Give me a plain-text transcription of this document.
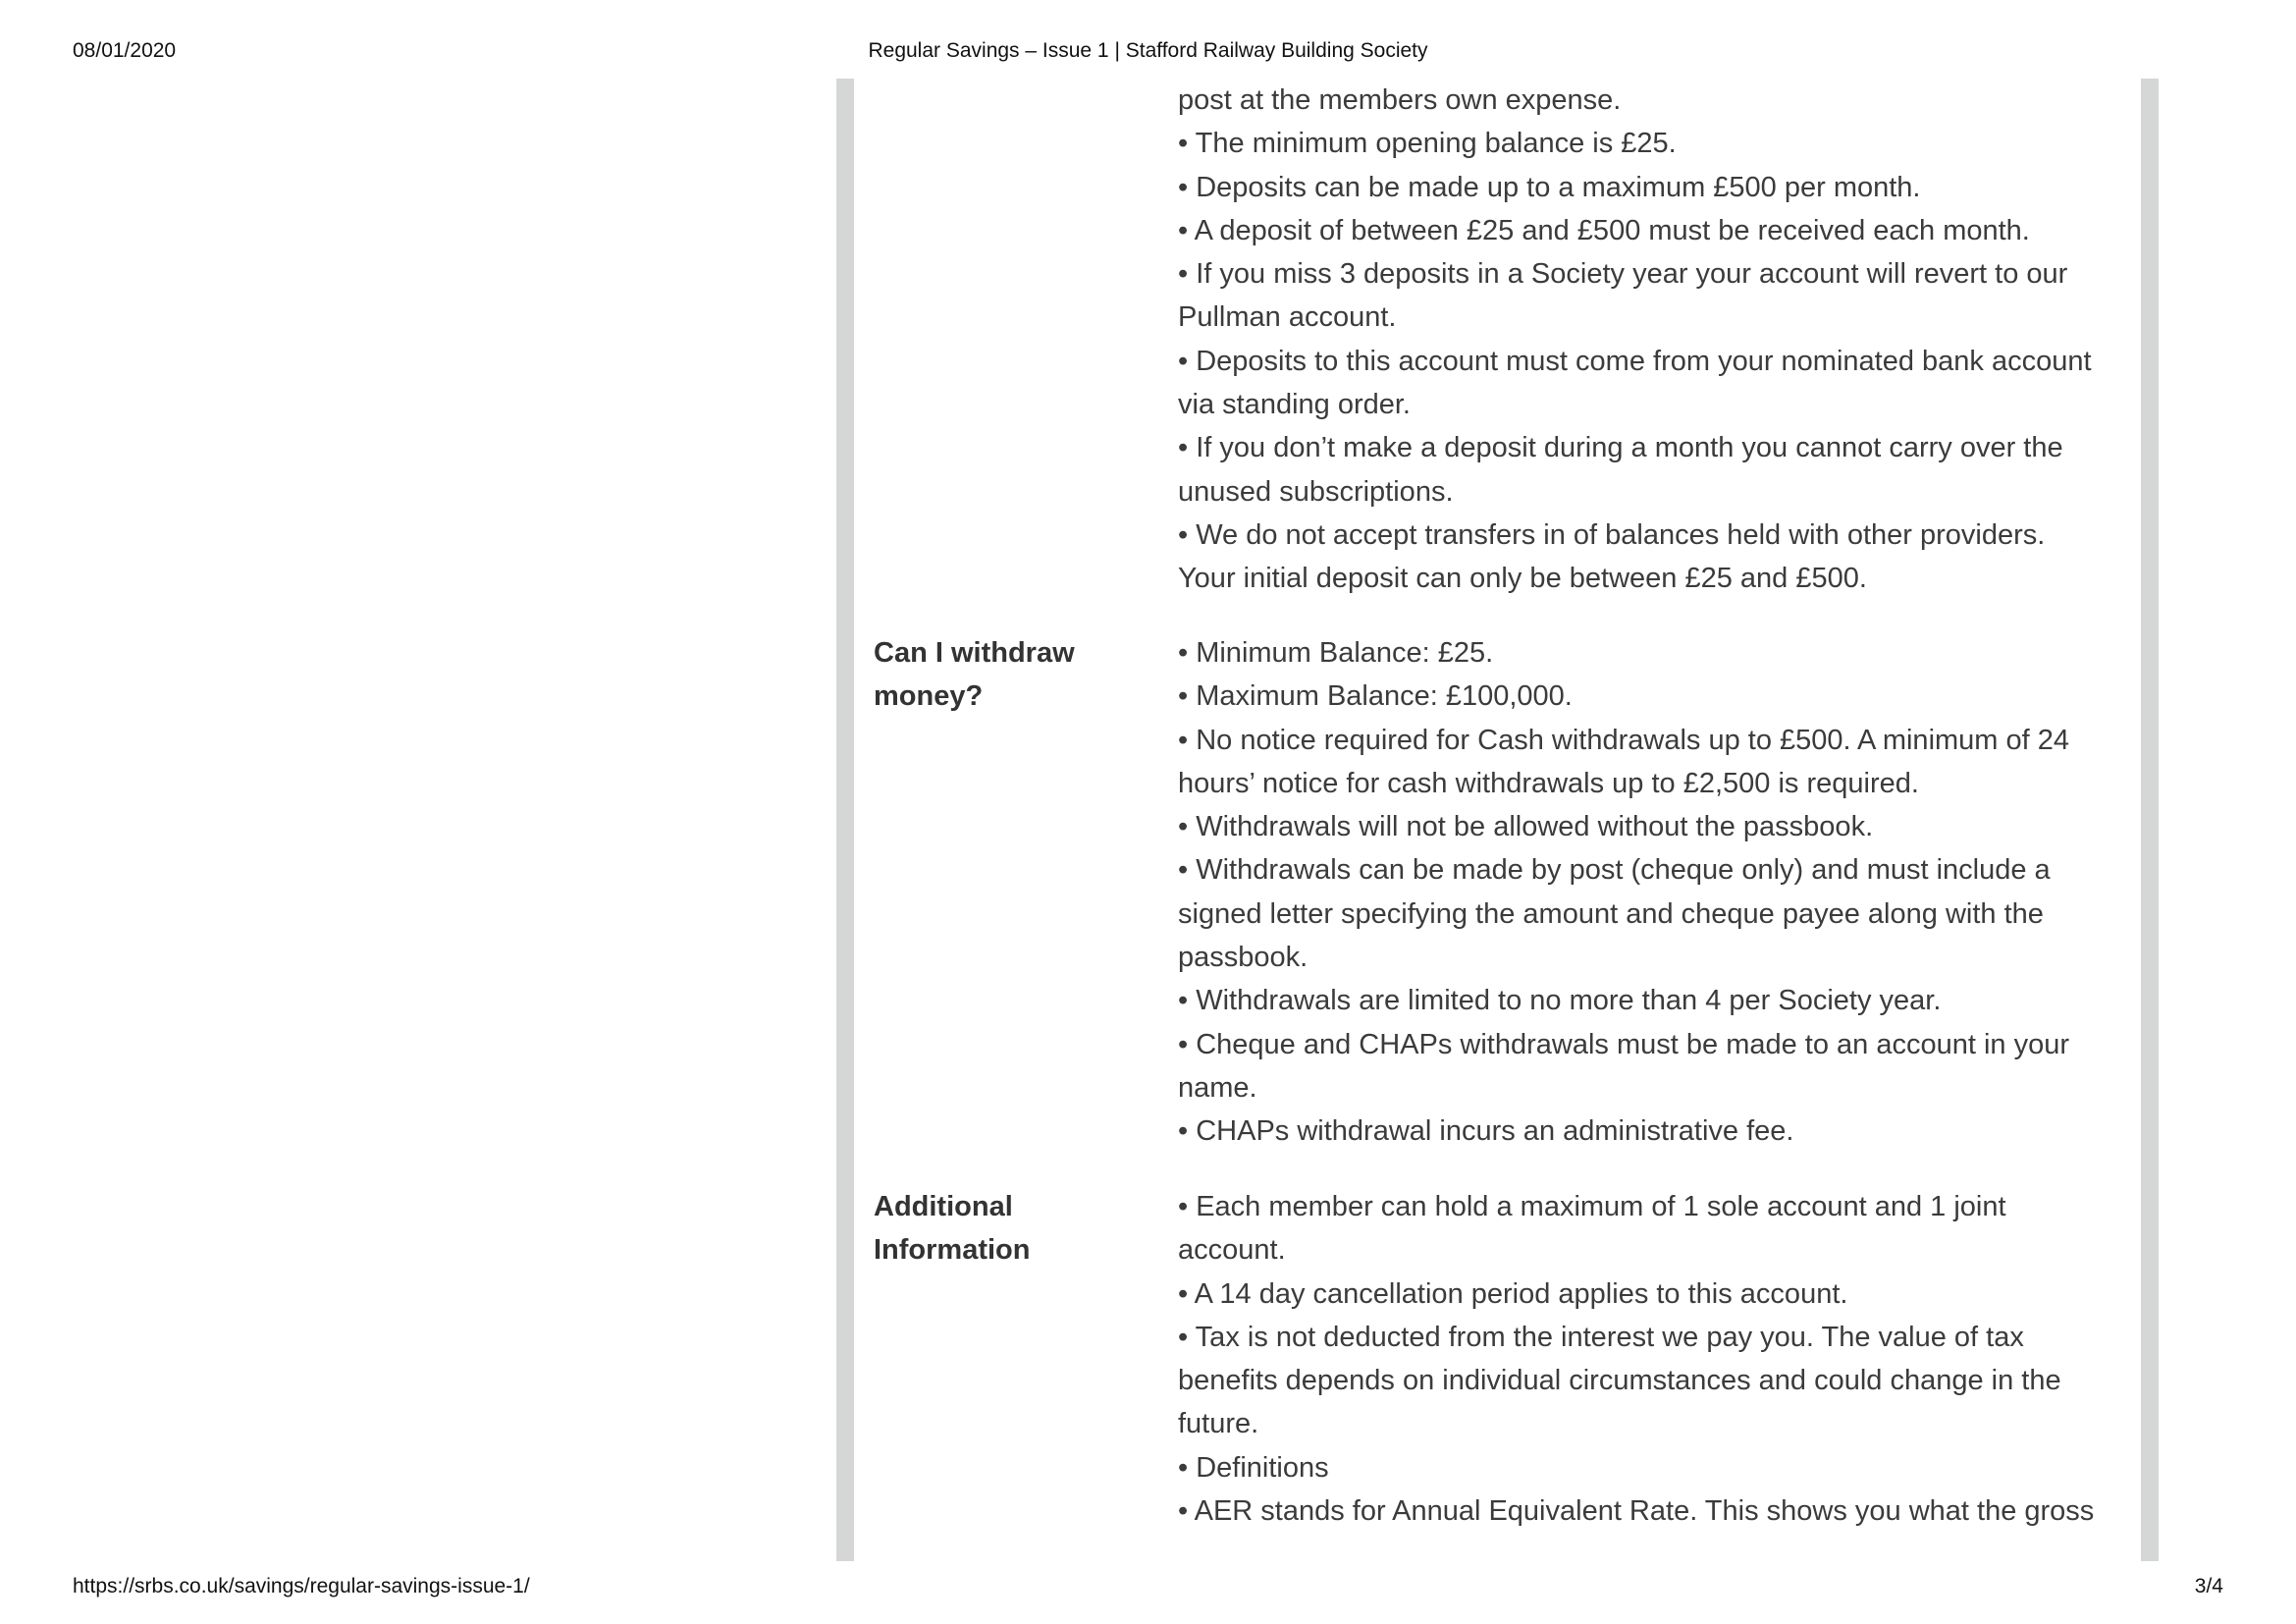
08/01/2020	Regular Savings – Issue 1 | Stafford Railway Building Society
post at the members own expense.
• The minimum opening balance is £25.
• Deposits can be made up to a maximum £500 per month.
• A deposit of between £25 and £500 must be received each month.
• If you miss 3 deposits in a Society year your account will revert to our
Pullman account.
• Deposits to this account must come from your nominated bank account
via standing order.
• If you don’t make a deposit during a month you cannot carry over the
unused subscriptions.
• We do not accept transfers in of balances held with other providers.
Your initial deposit can only be between £25 and £500.
Can I withdraw
money?
• Minimum Balance: £25.
• Maximum Balance: £100,000.
• No notice required for Cash withdrawals up to £500. A minimum of 24
hours’ notice for cash withdrawals up to £2,500 is required.
• Withdrawals will not be allowed without the passbook.
• Withdrawals can be made by post (cheque only) and must include a
signed letter specifying the amount and cheque payee along with the
passbook.
• Withdrawals are limited to no more than 4 per Society year.
• Cheque and CHAPs withdrawals must be made to an account in your
name.
• CHAPs withdrawal incurs an administrative fee.
Additional
Information
• Each member can hold a maximum of 1 sole account and 1 joint
account.
• A 14 day cancellation period applies to this account.
• Tax is not deducted from the interest we pay you. The value of tax
benefits depends on individual circumstances and could change in the
future.
• Definitions
• AER stands for Annual Equivalent Rate. This shows you what the gross
https://srbs.co.uk/savings/regular-savings-issue-1/	3/4
